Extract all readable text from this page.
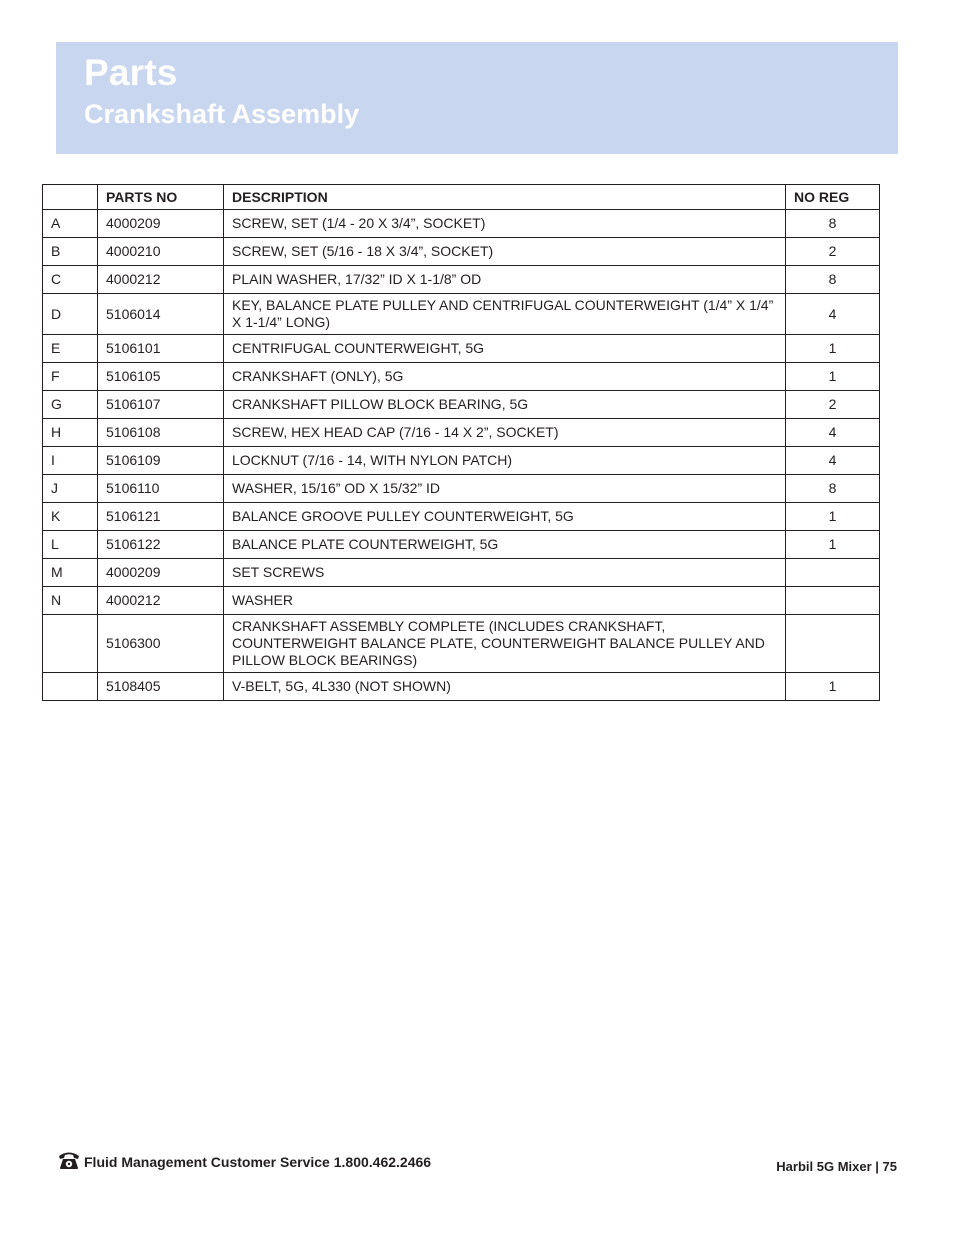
Parts
Crankshaft Assembly
	PARTS NO	DESCRIPTION	NO REG
A	4000209	SCREW, SET (1/4 - 20 X 3/4”, SOCKET)	8
B	4000210	SCREW, SET (5/16 - 18 X 3/4”, SOCKET)	2
C	4000212	PLAIN WASHER, 17/32” ID X 1-1/8” OD	8
D	5106014	KEY, BALANCE PLATE PULLEY AND CENTRIFUGAL COUNTERWEIGHT (1/4” X 1/4” X 1-1/4” LONG)	4
E	5106101	CENTRIFUGAL COUNTERWEIGHT, 5G	1
F	5106105	CRANKSHAFT (ONLY), 5G	1
G	5106107	CRANKSHAFT PILLOW BLOCK BEARING, 5G	2
H	5106108	SCREW, HEX HEAD CAP (7/16 - 14 X 2”, SOCKET)	4
I	5106109	LOCKNUT (7/16 - 14, WITH NYLON PATCH)	4
J	5106110	WASHER, 15/16” OD X 15/32” ID	8
K	5106121	BALANCE GROOVE PULLEY COUNTERWEIGHT, 5G	1
L	5106122	BALANCE PLATE COUNTERWEIGHT, 5G	1
M	4000209	SET SCREWS	
N	4000212	WASHER	
	5106300	CRANKSHAFT ASSEMBLY COMPLETE (INCLUDES CRANKSHAFT, COUNTERWEIGHT BALANCE PLATE, COUNTERWEIGHT BALANCE PULLEY AND PILLOW BLOCK BEARINGS)	
	5108405	V-BELT, 5G, 4L330 (NOT SHOWN)	1
Fluid Management Customer Service 1.800.462.2466	Harbil 5G Mixer | 75
